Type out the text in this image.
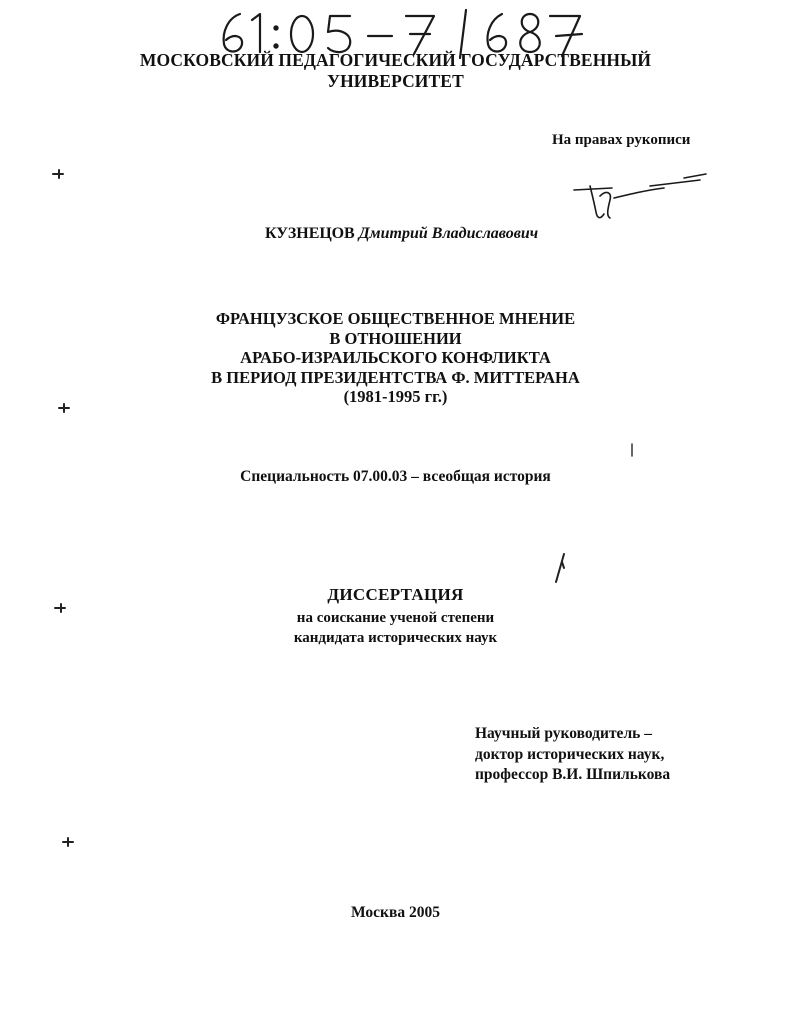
МОСКОВСКИЙ ПЕДАГОГИЧЕСКИЙ ГОСУДАРСТВЕННЫЙ
УНИВЕРСИТЕТ
На правах рукописи
КУЗНЕЦОВ Дмитрий Владиславович
ФРАНЦУЗСКОЕ ОБЩЕСТВЕННОЕ МНЕНИЕ
В ОТНОШЕНИИ
АРАБО-ИЗРАИЛЬСКОГО КОНФЛИКТА
В ПЕРИОД ПРЕЗИДЕНТСТВА Ф. МИТТЕРАНА
(1981-1995 гг.)
Специальность 07.00.03 – всеобщая история
ДИССЕРТАЦИЯ
на соискание ученой степени
кандидата исторических наук
Научный руководитель –
доктор исторических наук,
профессор В.И. Шпилькова
Москва 2005
